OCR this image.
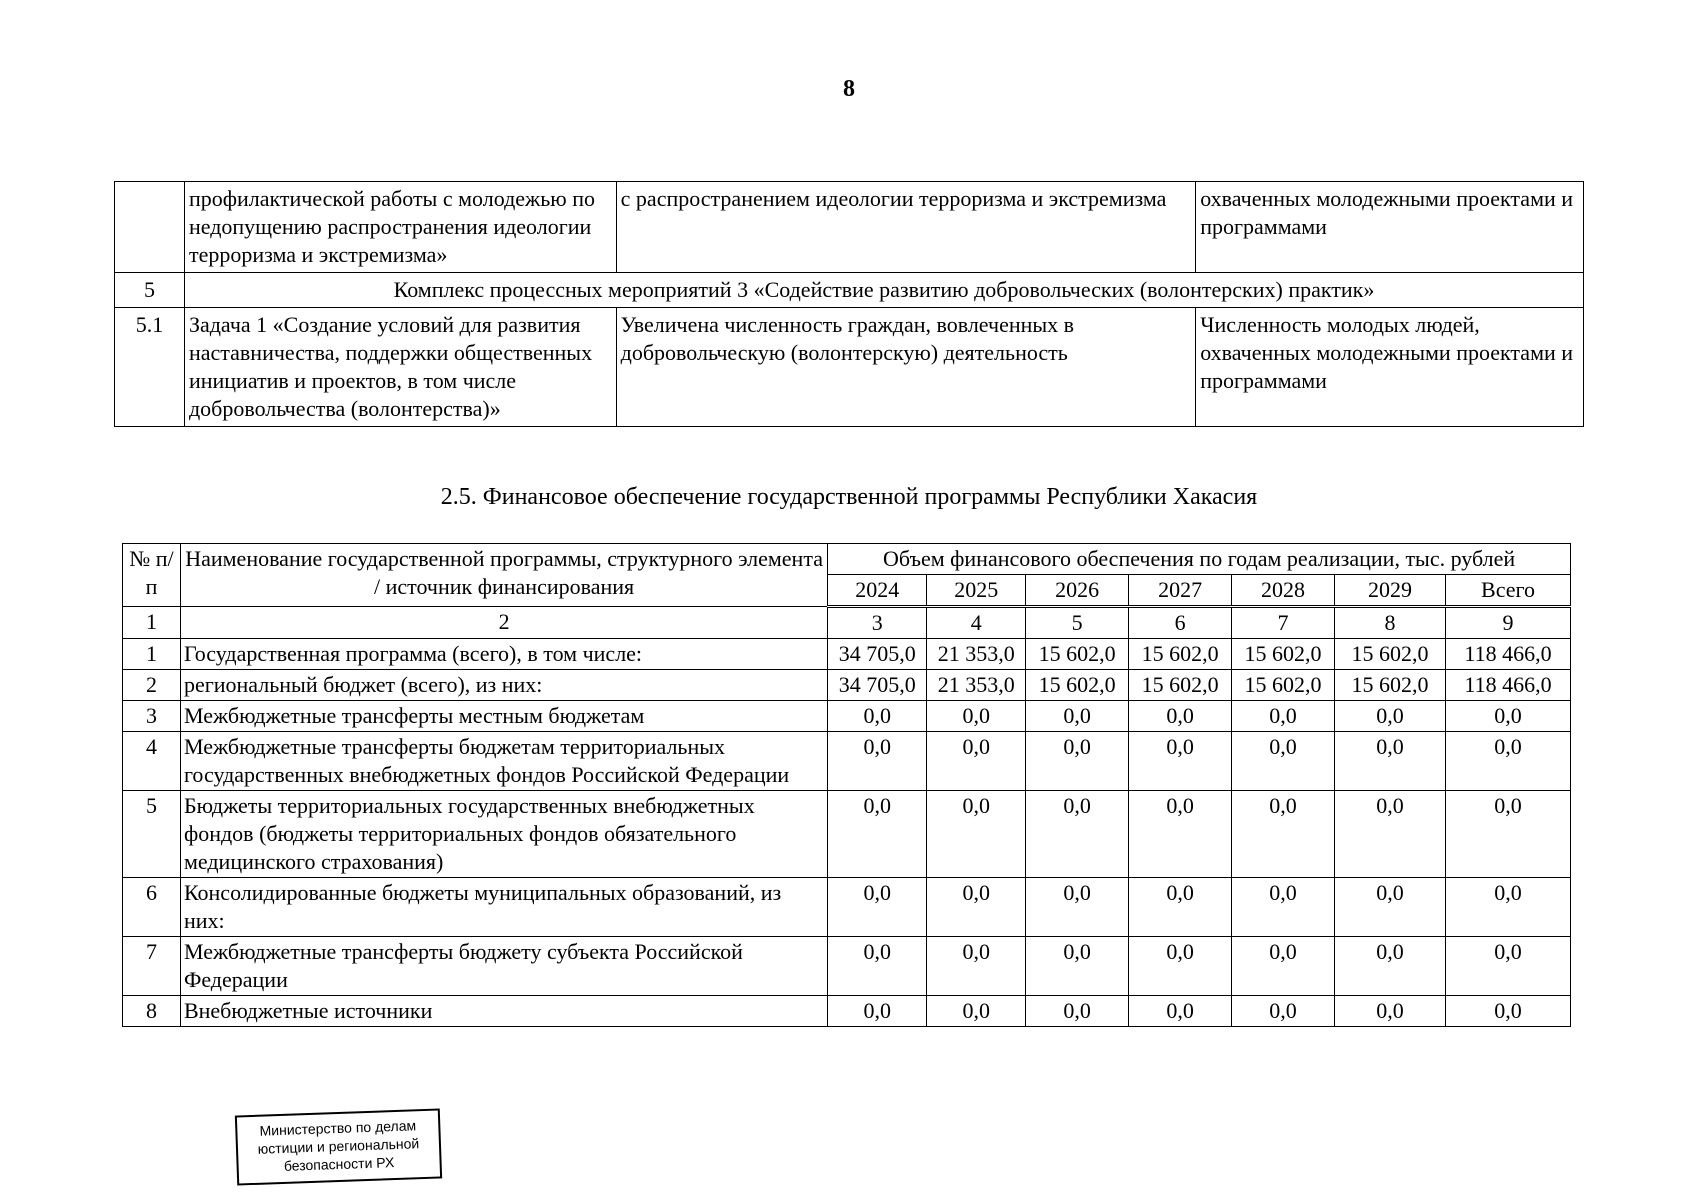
8
	профилактической работы с молодежью по недопущению распространения идеологии терроризма и экстремизма»	с распространением идеологии терроризма и экстремизма	охваченных молодежными проектами и программами
5	Комплекс процессных мероприятий 3 «Содействие развитию добровольческих (волонтерских) практик»		
5.1	Задача 1 «Создание условий для развития наставничества, поддержки общественных инициатив и проектов, в том числе добровольчества (волонтерства)»	Увеличена численность граждан, вовлеченных в добровольческую (волонтерскую) деятельность	Численность молодых людей, охваченных молодежными проектами и программами
2.5. Финансовое обеспечение государственной программы Республики Хакасия
№ п/п	Наименование государственной программы, структурного элемента / источник финансирования	Объем финансового обеспечения по годам реализации, тыс. рублей						
		2024	2025	2026	2027	2028	2029	Всего
1	2	3	4	5	6	7	8	9
1	Государственная программа (всего), в том числе:	34 705,0	21 353,0	15 602,0	15 602,0	15 602,0	15 602,0	118 466,0
2	региональный бюджет (всего), из них:	34 705,0	21 353,0	15 602,0	15 602,0	15 602,0	15 602,0	118 466,0
3	Межбюджетные трансферты местным бюджетам	0,0	0,0	0,0	0,0	0,0	0,0	0,0
4	Межбюджетные трансферты бюджетам территориальных государственных внебюджетных фондов Российской Федерации	0,0	0,0	0,0	0,0	0,0	0,0	0,0
5	Бюджеты территориальных государственных внебюджетных фондов (бюджеты территориальных фондов обязательного медицинского страхования)	0,0	0,0	0,0	0,0	0,0	0,0	0,0
6	Консолидированные бюджеты муниципальных образований, из них:	0,0	0,0	0,0	0,0	0,0	0,0	0,0
7	Межбюджетные трансферты бюджету субъекта Российской Федерации	0,0	0,0	0,0	0,0	0,0	0,0	0,0
8	Внебюджетные источники	0,0	0,0	0,0	0,0	0,0	0,0	0,0
Министерство по делам
юстиции и региональной
безопасности РХ
